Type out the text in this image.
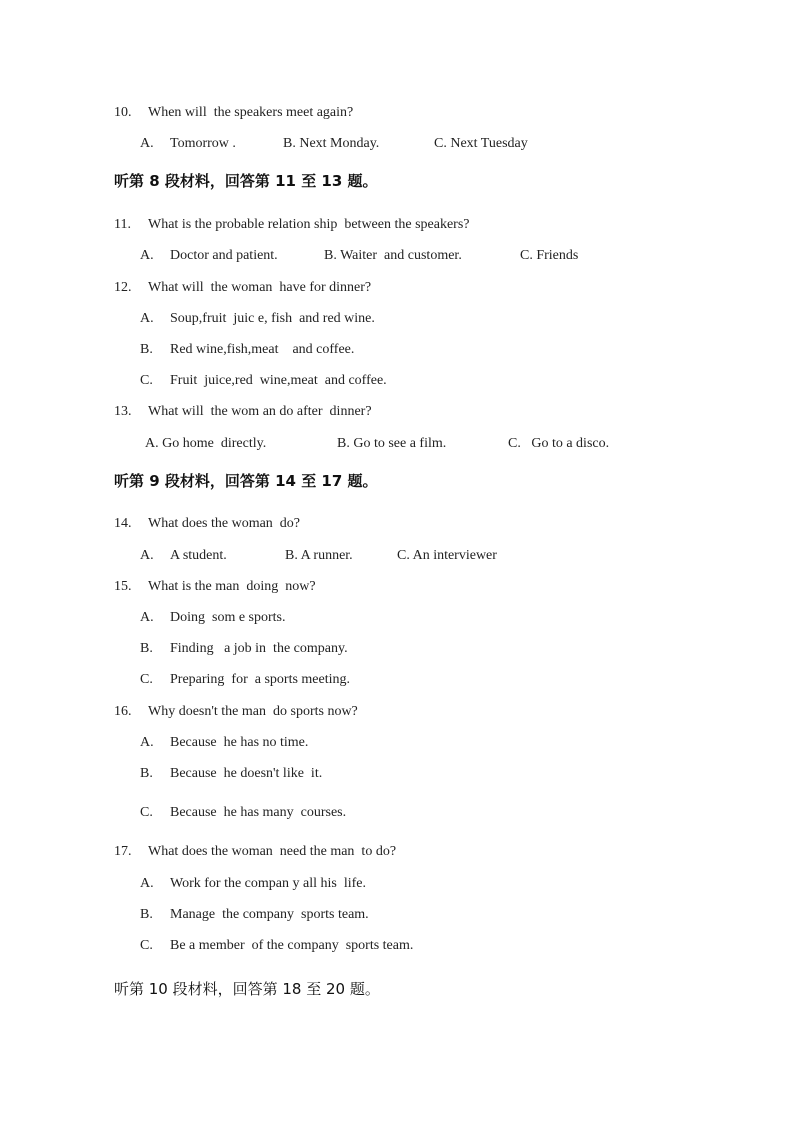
10. When will  the speakers meet again?
A. Tomorrow .	B. Next Monday.	C. Next Tuesday
听第 8 段材料，回答第 11 至 13 题。
11. What is the probable relation ship  between the speakers?
A. Doctor and patient.	B. Waiter  and customer.	C. Friends
12. What will  the woman  have for dinner?
A. Soup,fruit  juic e, fish  and red wine.
B. Red wine,fish,meat    and coffee.
C. Fruit  juice,red  wine,meat  and coffee.
13. What will  the wom an do after  dinner?
A. Go home  directly.	B. Go to see a film.	C. Go to a disco.
听第 9 段材料，回答第 14 至 17 题。
14. What does the woman  do?
A. A student.	B. A runner.	C. An interviewer
15. What is the man  doing  now?
A. Doing  som e sports.
B. Finding   a job in  the company.
C. Preparing  for  a sports meeting.
16. Why doesn't the man  do sports now?
A. Because  he has no time.
B. Because  he doesn't like  it.
C. Because  he has many  courses.
17. What does the woman  need the man  to do?
A. Work for the compan y all his  life.
B. Manage  the company  sports team.
C. Be a member  of the company  sports team.
听第 10 段材料，回答第 18 至 20 题。
